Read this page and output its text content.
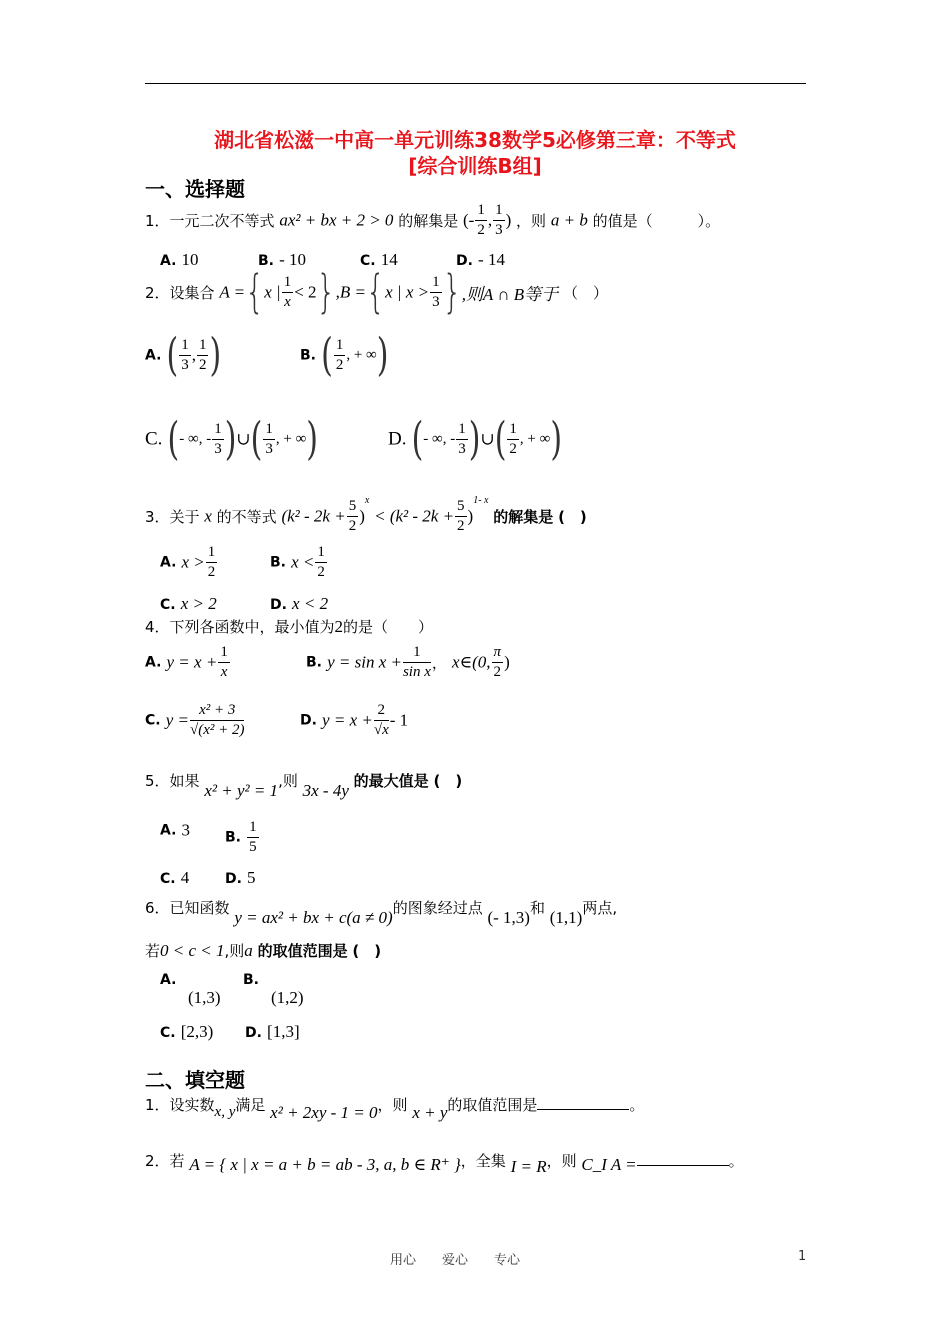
湖北省松滋一中高一单元训练38数学5必修第三章：不等式
[综合训练B组]
一、选择题
1．一元二次不等式 ax² + bx + 2 > 0 的解集是 (- $\frac{1}{2}$ , $\frac{1}{3}$ ) ，则 a + b 的值是（　　　）。
A. 10	B. - 10	C. 14	D. - 14
2．设集合 A ={x | $\frac{1}{x} < 2\},B =\{x$ | $x > \frac{1}{3}$ },则A ∩ B等于 （　）
A. ( $\frac{1}{3}$ , $\frac{1}{2}$ )	B. ( $\frac{1}{2}$ , + ∞)
C. (- ∞, - $\frac{1}{3}$ )∪( $\frac{1}{3}$ , + ∞)	D. (- ∞, - $\frac{1}{3}$ )∪( $\frac{1}{2}$ , + ∞)
3．关于 x 的不等式 $(k^2 - 2k + \frac{5}{2} )^x < (k^2 - 2k + \frac{5}{2} )^{1- x}$ 的解集是 (　)
A. $x > \frac{1}{2}$	B. $x < \frac{1}{2}$
C. x > 2	D. x < 2
4．下列各函数中，最小值为2的是（　　）
A. $y = x + \frac{1}{x}$	B. $y = \sin x + \frac{1}{\text{sin x}}$ ， x∈(0, $\frac{\pi}{2}$ )
C. $y = \frac{\text{x² + 3}}{\text{√(x² + 2)}}$	D. $y = x + \frac{2}{√x} - 1$
5．如果 x² + y² = 1,则 3x - 4y 的最大值是 (　)
A. 3 B. $\frac{1}{5}$
C. 4	D. 5
6．已知函数 y = ax² + bx + c(a ≠ 0)的图象经过点 (- 1,3)和 (1,1)两点,
若0 < c < 1,则a 的取值范围是 (　)
A.
(1,3)
B.
(1,2)
C. [2,3) D. [1,3]
二、填空题
1．设实数x, y满足 x² + 2xy - 1 = 0，则 x + y的取值范围是	。
2．若 A = { x | x = a + b = ab - 3, a, b ∈ R⁺ }，全集 I = R，则 C_I A =	。
用心　　爱心　　专心	1
